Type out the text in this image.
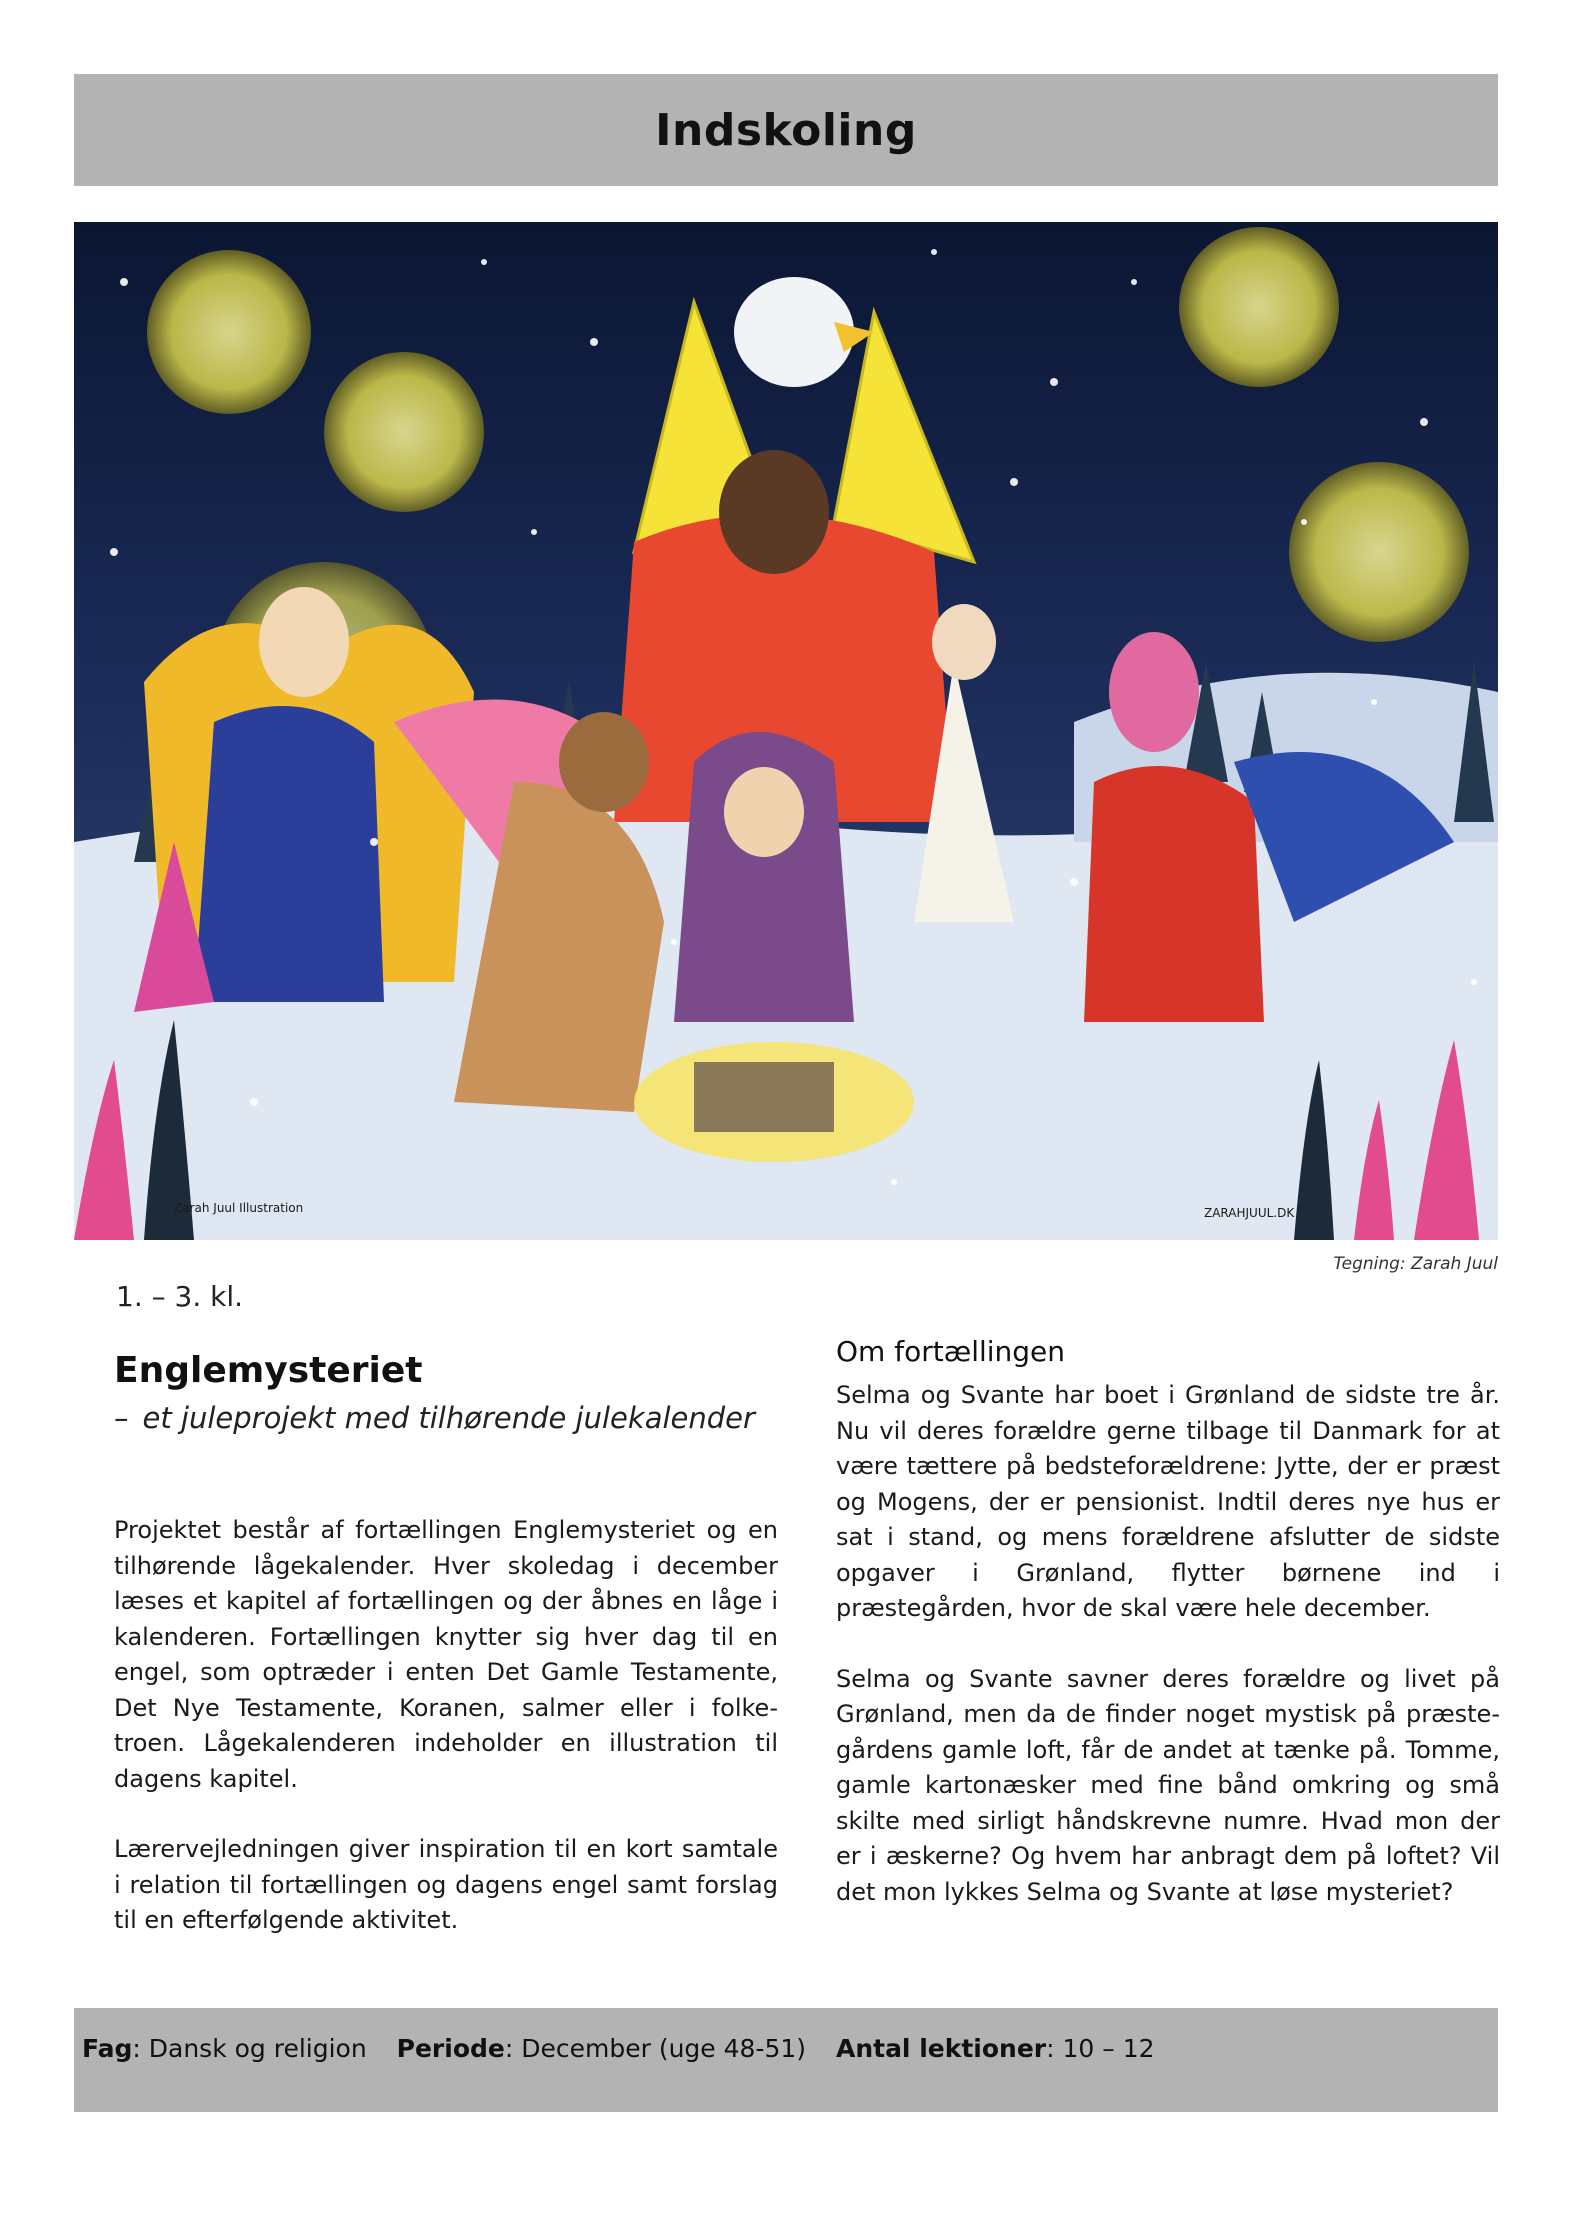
Indskoling
Zarah Juul Illustration	ZARAHJUUL.DK
Tegning: Zarah Juul
1. – 3. kl.
Englemysteriet
– et juleprojekt med tilhørende julekalender

Projektet består af fortællingen Englemysteriet og en tilhørende lågekalender. Hver skoledag i december læses et kapitel af fortællingen og der åbnes en låge i kalenderen. Fortællingen knytter sig hver dag til en engel, som optræder i enten Det Gamle Testamente, Det Nye Testamente, Koranen, salmer eller i folketroen. Lågekalenderen indeholder en illustration til dagens kapitel.

Lærervejledningen giver inspiration til en kort samtale i relation til fortællingen og dagens engel samt forslag til en efterfølgende aktivitet.

Om fortællingen

Selma og Svante har boet i Grønland de sidste tre år. Nu vil deres forældre gerne tilbage til Danmark for at være tættere på bedsteforældrene: Jytte, der er præst og Mogens, der er pensionist. Indtil deres nye hus er sat i stand, og mens forældrene afslutter de sidste opgaver i Grønland, flytter børnene ind i præstegården, hvor de skal være hele december.

Selma og Svante savner deres forældre og livet på Grønland, men da de finder noget mystisk på præstegårdens gamle loft, får de andet at tænke på. Tomme, gamle kartonæsker med fine bånd omkring og små skilte med sirligt håndskrevne numre. Hvad mon der er i æskerne? Og hvem har anbragt dem på loftet? Vil det mon lykkes Selma og Svante at løse mysteriet?

Fag: Dansk og religion Periode: December (uge 48-51) Antal lektioner: 10 – 12
